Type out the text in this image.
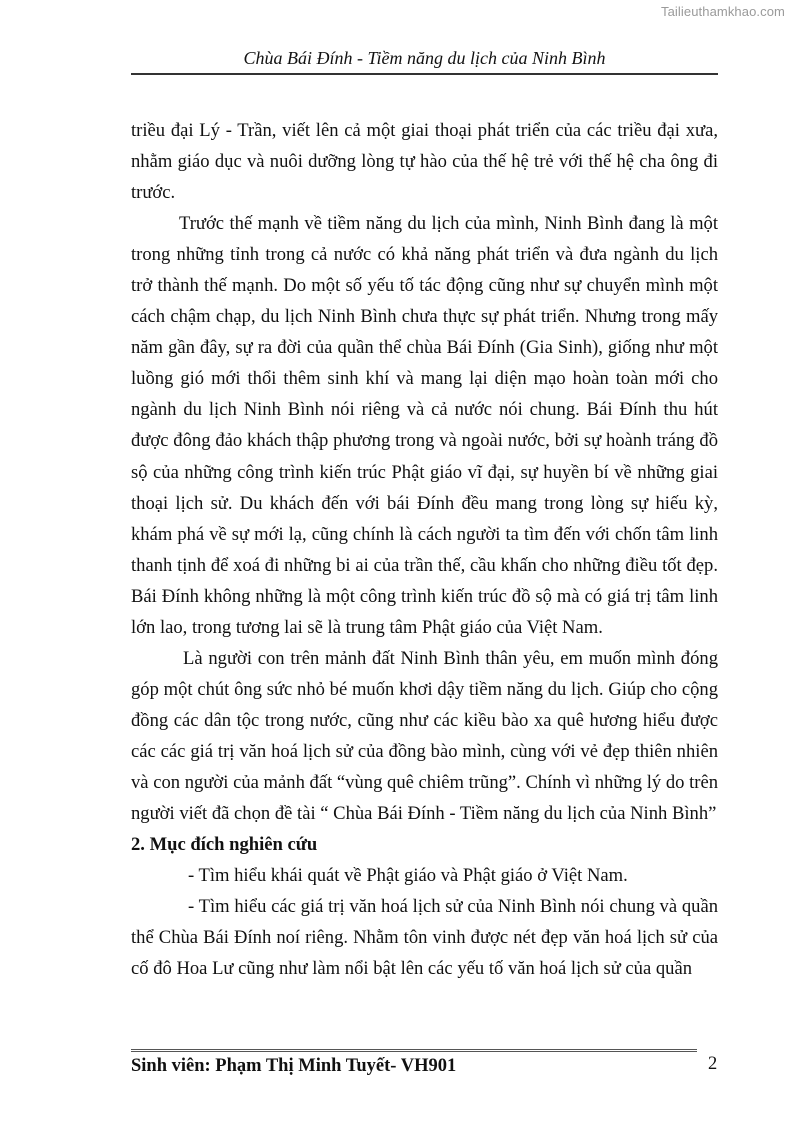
Tailieuthamkhao.com
Chùa Bái Đính - Tiềm năng du lịch của Ninh Bình

triều đại Lý - Trần, viết lên cả một giai thoại phát triển của các triều đại xưa, nhằm giáo dục và nuôi dưỡng lòng tự hào của thế hệ trẻ với thế hệ cha ông đi trước.

Trước thế mạnh về tiềm năng du lịch của mình, Ninh Bình đang là một trong những tỉnh trong cả nước có khả năng phát triển và đưa ngành du lịch trở thành thế mạnh. Do một số yếu tố tác động cũng như sự chuyển mình một cách chậm chạp, du lịch Ninh Bình chưa thực sự phát triển. Nhưng trong mấy năm gần đây, sự ra đời của quần thể chùa Bái Đính (Gia Sinh), giống như một luồng gió mới thổi thêm sinh khí và mang lại diện mạo hoàn toàn mới cho ngành du lịch Ninh Bình nói riêng và cả nước nói chung. Bái Đính thu hút được đông đảo khách thập phương trong và ngoài nước, bởi sự hoành tráng đồ sộ của những công trình kiến trúc Phật giáo vĩ đại, sự huyền bí về những giai thoại lịch sử. Du khách đến với bái Đính đều mang trong lòng sự hiếu kỳ, khám phá về sự mới lạ, cũng chính là cách người ta tìm đến với chốn tâm linh thanh tịnh để xoá đi những bi ai của trần thế, cầu khấn cho những điều tốt đẹp. Bái Đính không những là một công trình kiến trúc đồ sộ mà có giá trị tâm linh lớn lao, trong tương lai sẽ là trung tâm Phật giáo của Việt Nam.

Là người con trên mảnh đất Ninh Bình thân yêu, em muốn mình đóng góp một chút ông sức nhỏ bé muốn khơi dậy tiềm năng du lịch. Giúp cho cộng đồng các dân tộc trong nước, cũng như các kiều bào xa quê hương hiểu được các các giá trị văn hoá lịch sử của đồng bào mình, cùng với vẻ đẹp thiên nhiên và con người của mảnh đất “vùng quê chiêm trũng”. Chính vì những lý do trên người viết đã chọn đề tài “ Chùa Bái Đính - Tiềm năng du lịch của Ninh Bình”

2. Mục đích nghiên cứu

- Tìm hiểu khái quát về Phật giáo và Phật giáo ở Việt Nam.

- Tìm hiểu các giá trị văn hoá lịch sử của Ninh Bình nói chung và quần thể Chùa Bái Đính noí riêng. Nhằm tôn vinh được nét đẹp văn hoá lịch sử của cố đô Hoa Lư cũng như làm nổi bật lên các yếu tố văn hoá lịch sử của quần

Sinh viên: Phạm Thị Minh Tuyết- VH901	2
